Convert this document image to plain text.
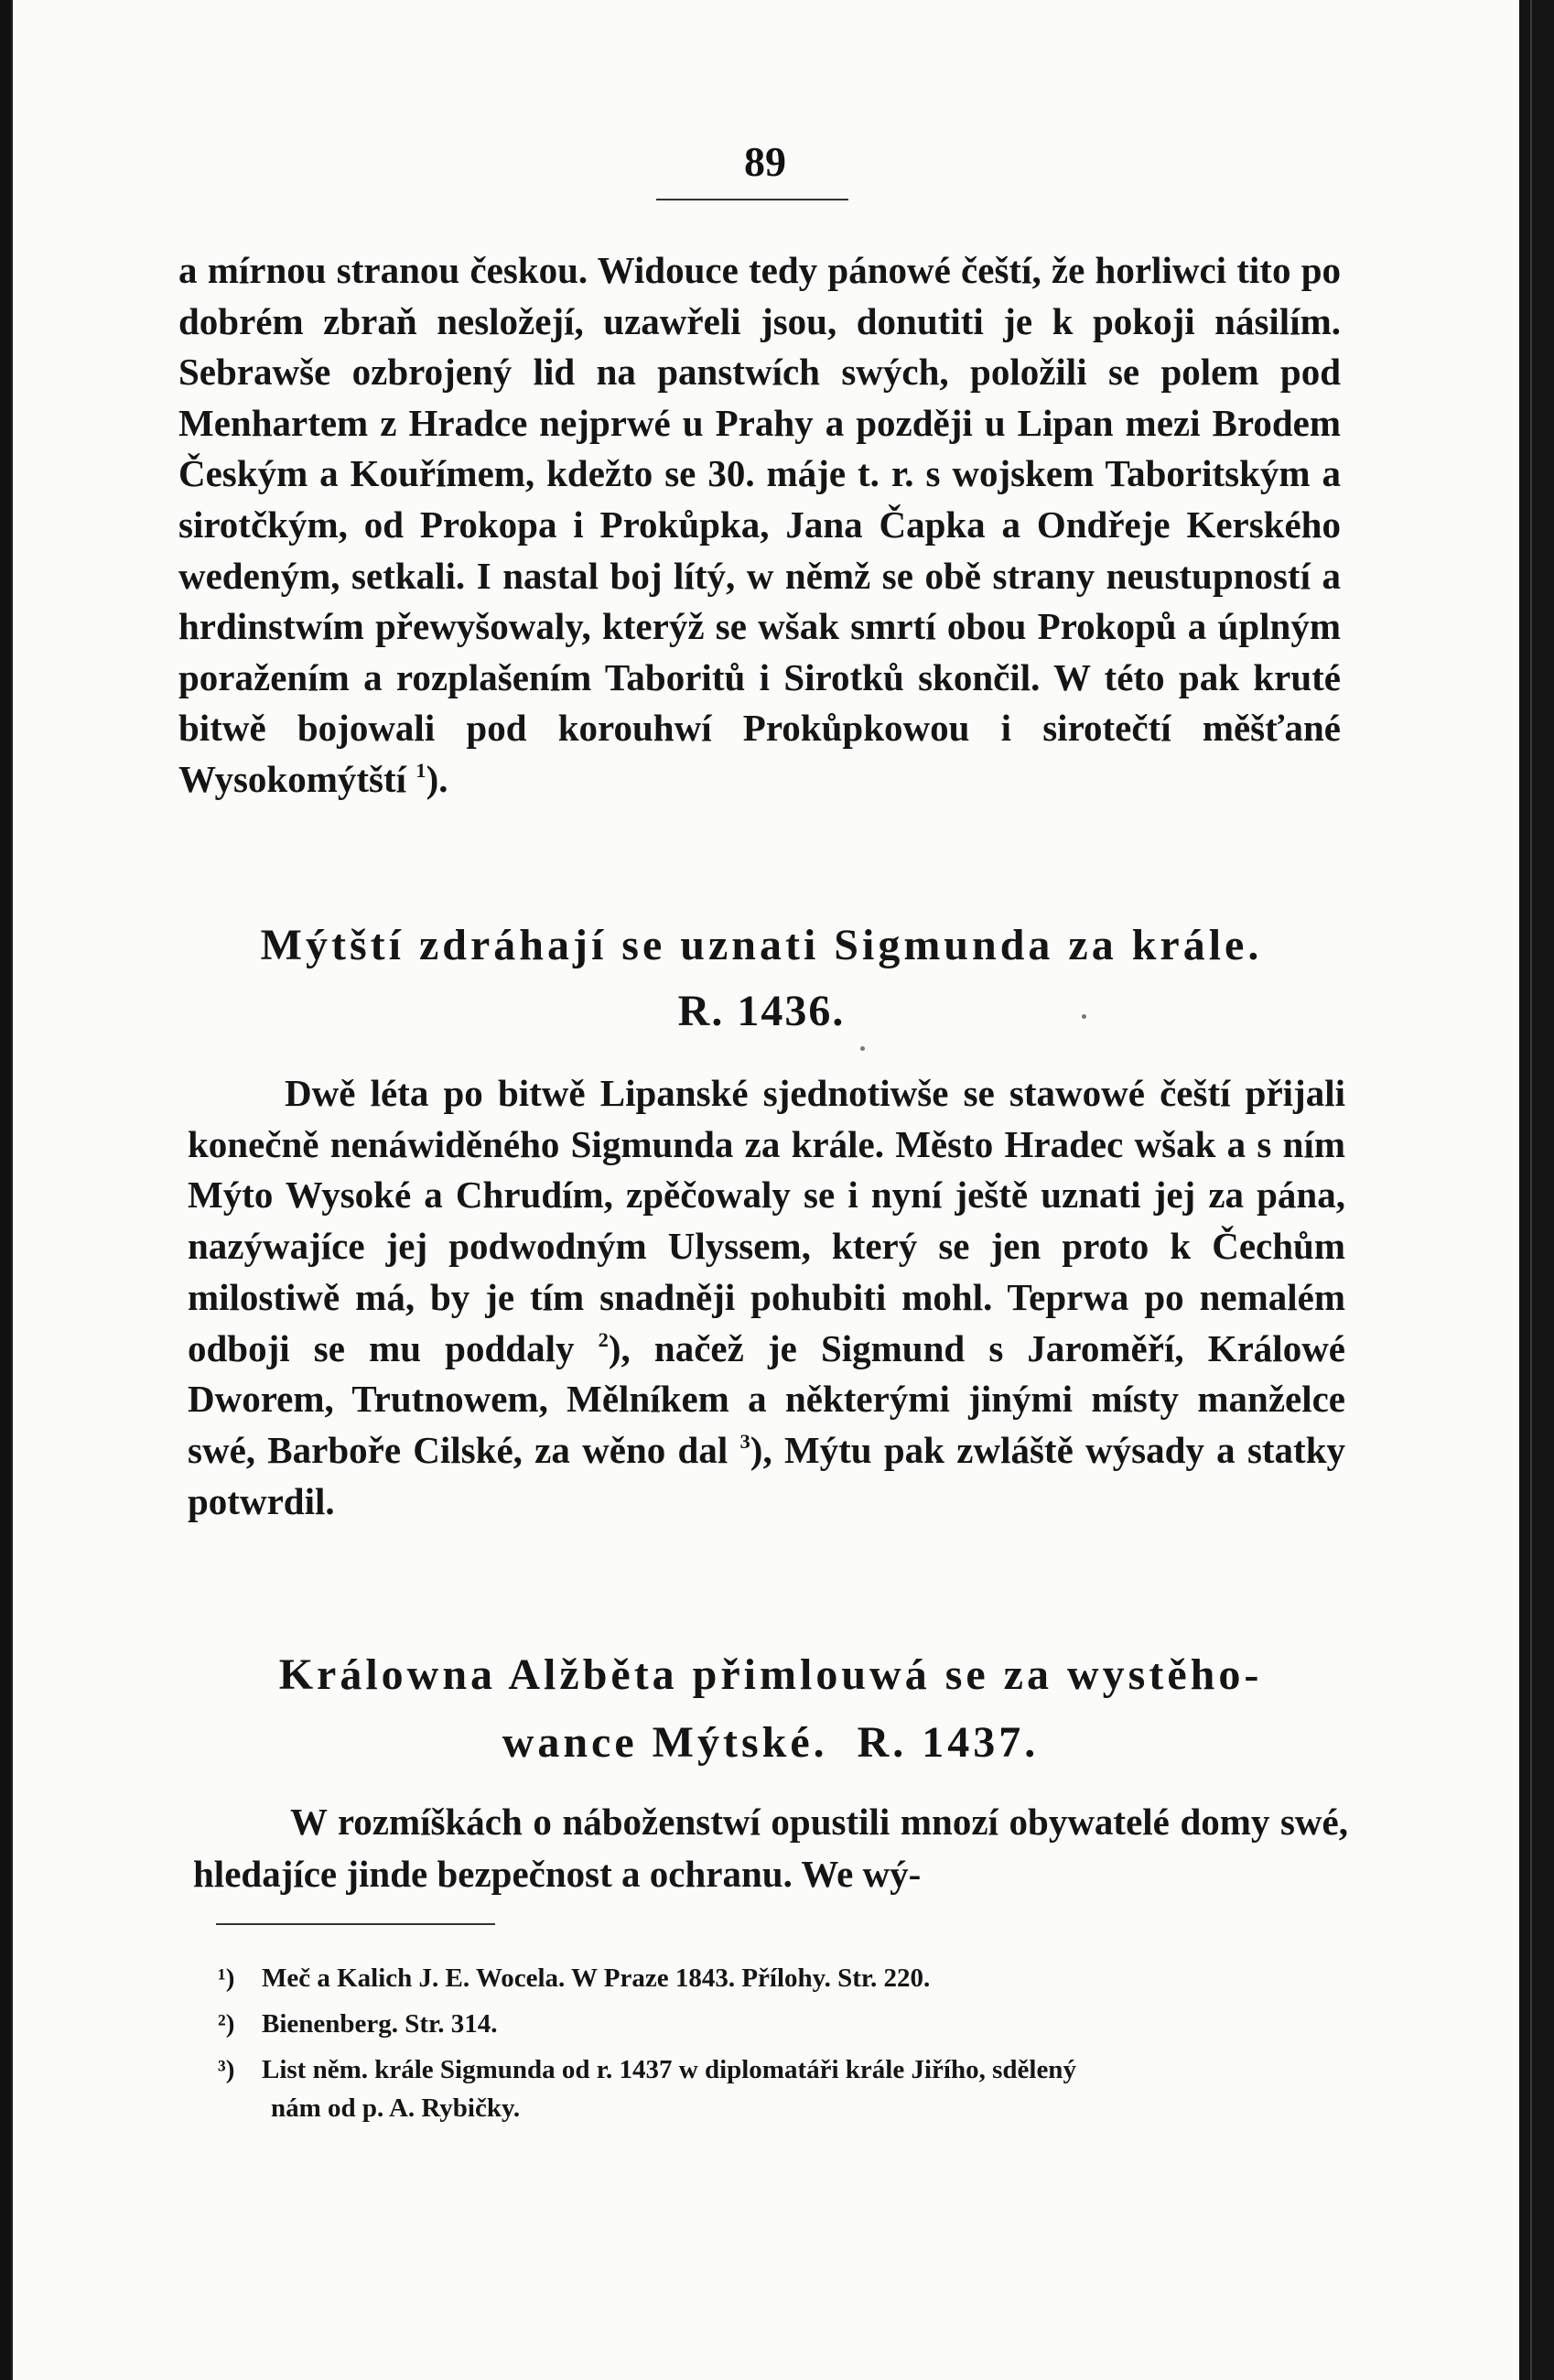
89
a mírnou stranou českou. Widouce tedy pánowé čeští, že horliwci tito po dobrém zbraň nesložejí, uzawřeli jsou, donutiti je k pokoji násilím. Sebrawše ozbrojený lid na panstwích swých, položili se polem pod Menhartem z Hradce nejprwé u Prahy a později u Lipan mezi Brodem Českým a Kouřímem, kdežto se 30. máje t. r. s wojskem Taboritským a sirotčkým, od Prokopa i Prokůpka, Jana Čapka a Ondřeje Kerského wedeným, setkali. I nastal boj lítý, w němž se obě strany neustupností a hrdinstwím přewyšowaly, kterýž se wšak smrtí obou Prokopů a úplným poražením a rozplašením Taboritů i Sirotků skončil. W této pak kruté bitwě bojowali pod korouhwí Prokůpkowou i sirotečtí měšťané Wysokomýtští $^1$).
Mýtští zdráhají se uznati Sigmunda za krále.
R. 1436.
Dwě léta po bitwě Lipanské sjednotiwše se stawowé čeští přijali konečně nenáwiděného Sigmunda za krále. Město Hradec wšak a s ním Mýto Wysoké a Chrudím, zpěčowaly se i nyní ještě uznati jej za pána, nazýwajíce jej podwodným Ulyssem, který se jen proto k Čechům milostiwě má, by je tím snadněji pohubiti mohl. Teprwa po nemalém odboji se mu poddaly $^2$), načež je Sigmund s Jaroměří, Králowé Dworem, Trutnowem, Mělníkem a některými jinými místy manželce swé, Barboře Cilské, za wěno dal $^3$), Mýtu pak zwláště wýsady a statky potwrdil.
Králowna Alžběta přimlouwá se za wystěho-
wance Mýtské. R. 1437.
W rozmíškách o náboženstwí opustili mnozí obywatelé domy swé, hledajíce jinde bezpečnost a ochranu. We wý-
¹) Meč a Kalich J. E. Wocela. W Praze 1843. Přílohy. Str. 220.
²) Bienenberg. Str. 314.
³) List něm. krále Sigmunda od r. 1437 w diplomatáři krále Jiřího, sdělený
nám od p. A. Rybičky.
